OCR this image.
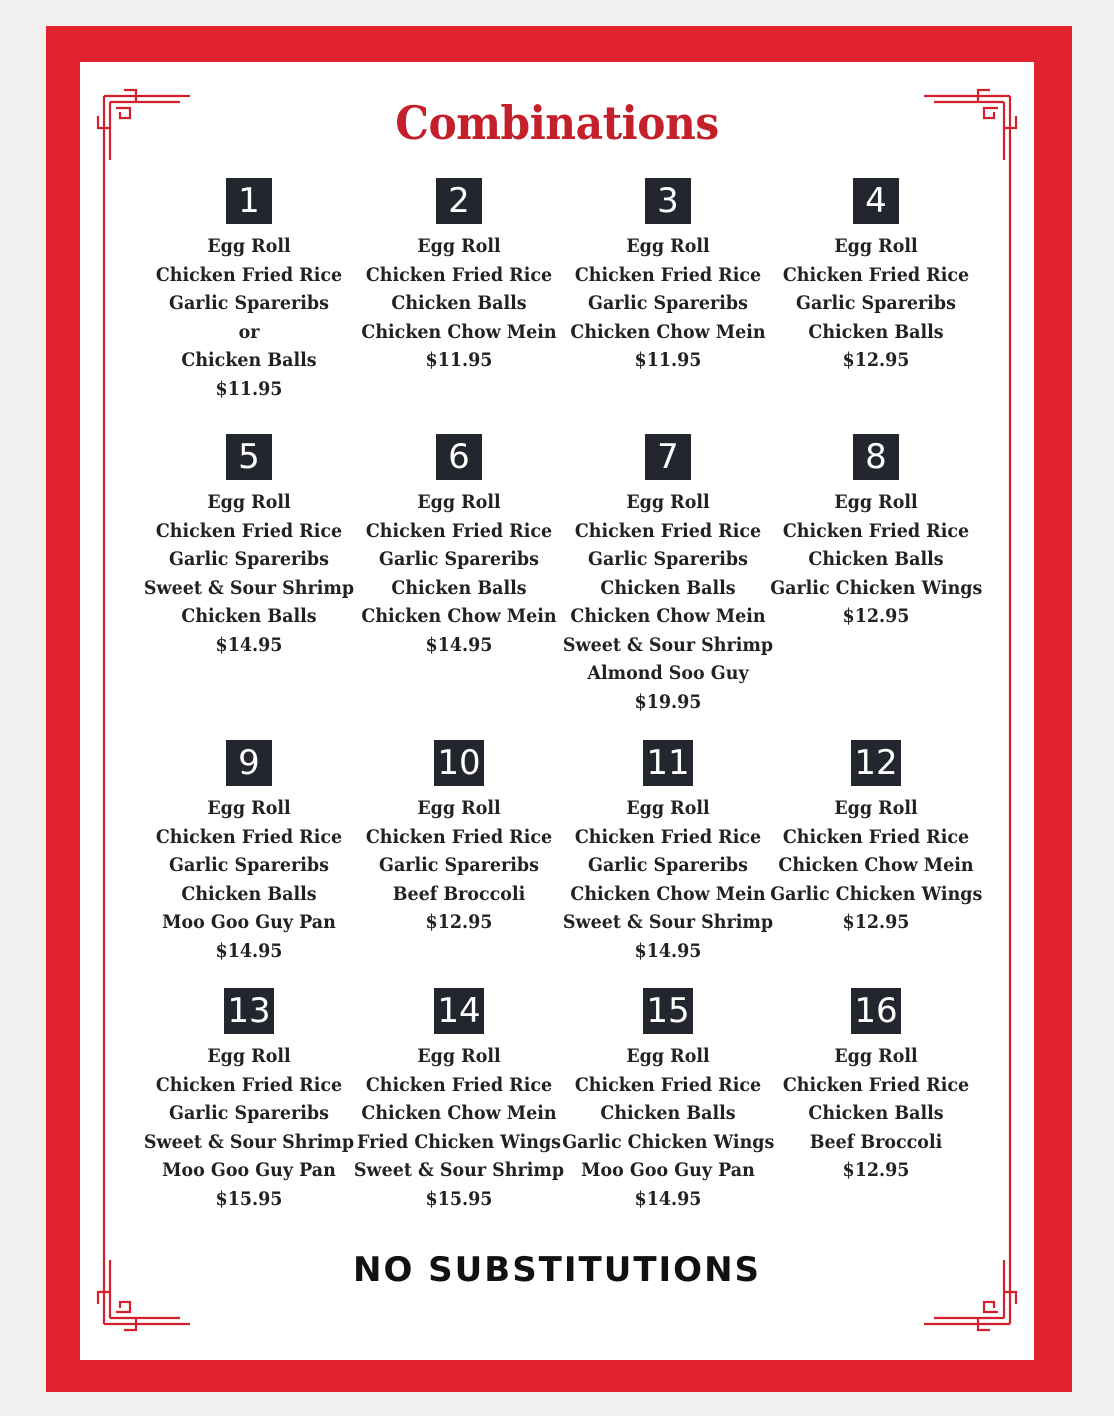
Combinations
1
Egg Roll
Chicken Fried Rice
Garlic Spareribs
or
Chicken Balls
$11.95
2
Egg Roll
Chicken Fried Rice
Chicken Balls
Chicken Chow Mein
$11.95
3
Egg Roll
Chicken Fried Rice
Garlic Spareribs
Chicken Chow Mein
$11.95
4
Egg Roll
Chicken Fried Rice
Garlic Spareribs
Chicken Balls
$12.95
5
Egg Roll
Chicken Fried Rice
Garlic Spareribs
Sweet & Sour Shrimp
Chicken Balls
$14.95
6
Egg Roll
Chicken Fried Rice
Garlic Spareribs
Chicken Balls
Chicken Chow Mein
$14.95
7
Egg Roll
Chicken Fried Rice
Garlic Spareribs
Chicken Balls
Chicken Chow Mein
Sweet & Sour Shrimp
Almond Soo Guy
$19.95
8
Egg Roll
Chicken Fried Rice
Chicken Balls
Garlic Chicken Wings
$12.95
9
Egg Roll
Chicken Fried Rice
Garlic Spareribs
Chicken Balls
Moo Goo Guy Pan
$14.95
10
Egg Roll
Chicken Fried Rice
Garlic Spareribs
Beef Broccoli
$12.95
11
Egg Roll
Chicken Fried Rice
Garlic Spareribs
Chicken Chow Mein
Sweet & Sour Shrimp
$14.95
12
Egg Roll
Chicken Fried Rice
Chicken Chow Mein
Garlic Chicken Wings
$12.95
13
Egg Roll
Chicken Fried Rice
Garlic Spareribs
Sweet & Sour Shrimp
Moo Goo Guy Pan
$15.95
14
Egg Roll
Chicken Fried Rice
Chicken Chow Mein
Fried Chicken Wings
Sweet & Sour Shrimp
$15.95
15
Egg Roll
Chicken Fried Rice
Chicken Balls
Garlic Chicken Wings
Moo Goo Guy Pan
$14.95
16
Egg Roll
Chicken Fried Rice
Chicken Balls
Beef Broccoli
$12.95
NO SUBSTITUTIONS
